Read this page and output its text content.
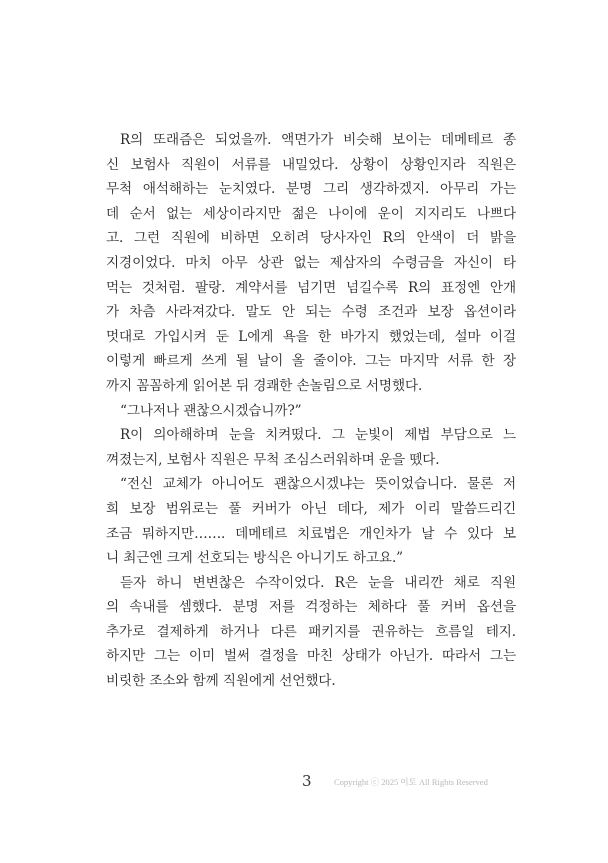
R의 또래즘은 되었을까. 액면가가 비슷해 보이는 데메테르 종
신 보험사 직원이 서류를 내밀었다. 상황이 상황인지라 직원은
무척 애석해하는 눈치였다. 분명 그리 생각하겠지. 아무리 가는
데 순서 없는 세상이라지만 젊은 나이에 운이 지지리도 나쁘다
고. 그런 직원에 비하면 오히려 당사자인 R의 안색이 더 밝을
지경이었다. 마치 아무 상관 없는 제삼자의 수령금을 자신이 타
먹는 것처럼. 팔랑. 계약서를 넘기면 넘길수록 R의 표정엔 안개
가 차츰 사라져갔다. 말도 안 되는 수령 조건과 보장 옵션이라
멋대로 가입시켜 둔 L에게 욕을 한 바가지 했었는데, 설마 이걸
이렇게 빠르게 쓰게 될 날이 올 줄이야. 그는 마지막 서류 한 장
까지 꼼꼼하게 읽어본 뒤 경쾌한 손놀림으로 서명했다.
“그나저나 괜찮으시겠습니까?”
R이 의아해하며 눈을 치켜떴다. 그 눈빛이 제법 부담으로 느
껴졌는지, 보험사 직원은 무척 조심스러워하며 운을 뗐다.
“전신 교체가 아니어도 괜찮으시겠냐는 뜻이었습니다. 물론 저
희 보장 범위로는 풀 커버가 아닌 데다, 제가 이리 말씀드리긴
조금 뭐하지만……. 데메테르 치료법은 개인차가 날 수 있다 보
니 최근엔 크게 선호되는 방식은 아니기도 하고요.”
듣자 하니 변변찮은 수작이었다. R은 눈을 내리깐 채로 직원
의 속내를 셈했다. 분명 저를 걱정하는 체하다 풀 커버 옵션을
추가로 결제하게 하거나 다른 패키지를 권유하는 흐름일 테지.
하지만 그는 이미 벌써 결정을 마친 상태가 아닌가. 따라서 그는
비릿한 조소와 함께 직원에게 선언했다.
3	Copyright ⓒ 2025 이토 All Rights Reserved
